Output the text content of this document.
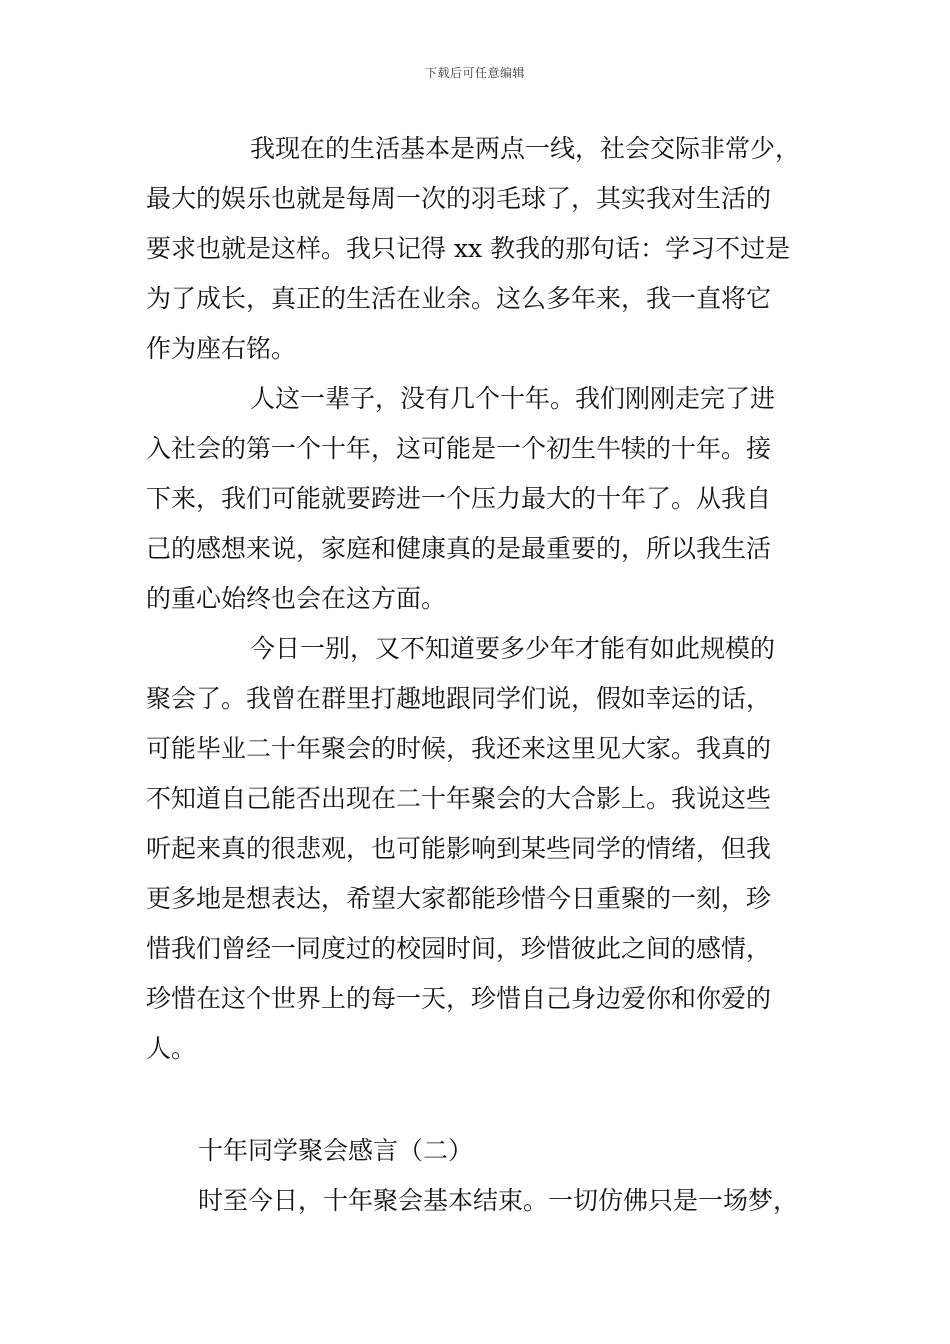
下载后可任意编辑
我现在的生活基本是两点一线，社会交际非常少，
最大的娱乐也就是每周一次的羽毛球了，其实我对生活的
要求也就是这样。我只记得 xx 教我的那句话：学习不过是
为了成长，真正的生活在业余。这么多年来，我一直将它
作为座右铭。
人这一辈子，没有几个十年。我们刚刚走完了进
入社会的第一个十年，这可能是一个初生牛犊的十年。接
下来，我们可能就要跨进一个压力最大的十年了。从我自
己的感想来说，家庭和健康真的是最重要的，所以我生活
的重心始终也会在这方面。
今日一别，又不知道要多少年才能有如此规模的
聚会了。我曾在群里打趣地跟同学们说，假如幸运的话，
可能毕业二十年聚会的时候，我还来这里见大家。我真的
不知道自己能否出现在二十年聚会的大合影上。我说这些
听起来真的很悲观，也可能影响到某些同学的情绪，但我
更多地是想表达，希望大家都能珍惜今日重聚的一刻，珍
惜我们曾经一同度过的校园时间，珍惜彼此之间的感情，
珍惜在这个世界上的每一天，珍惜自己身边爱你和你爱的
人。
十年同学聚会感言（二）
时至今日，十年聚会基本结束。一切仿佛只是一场梦，
